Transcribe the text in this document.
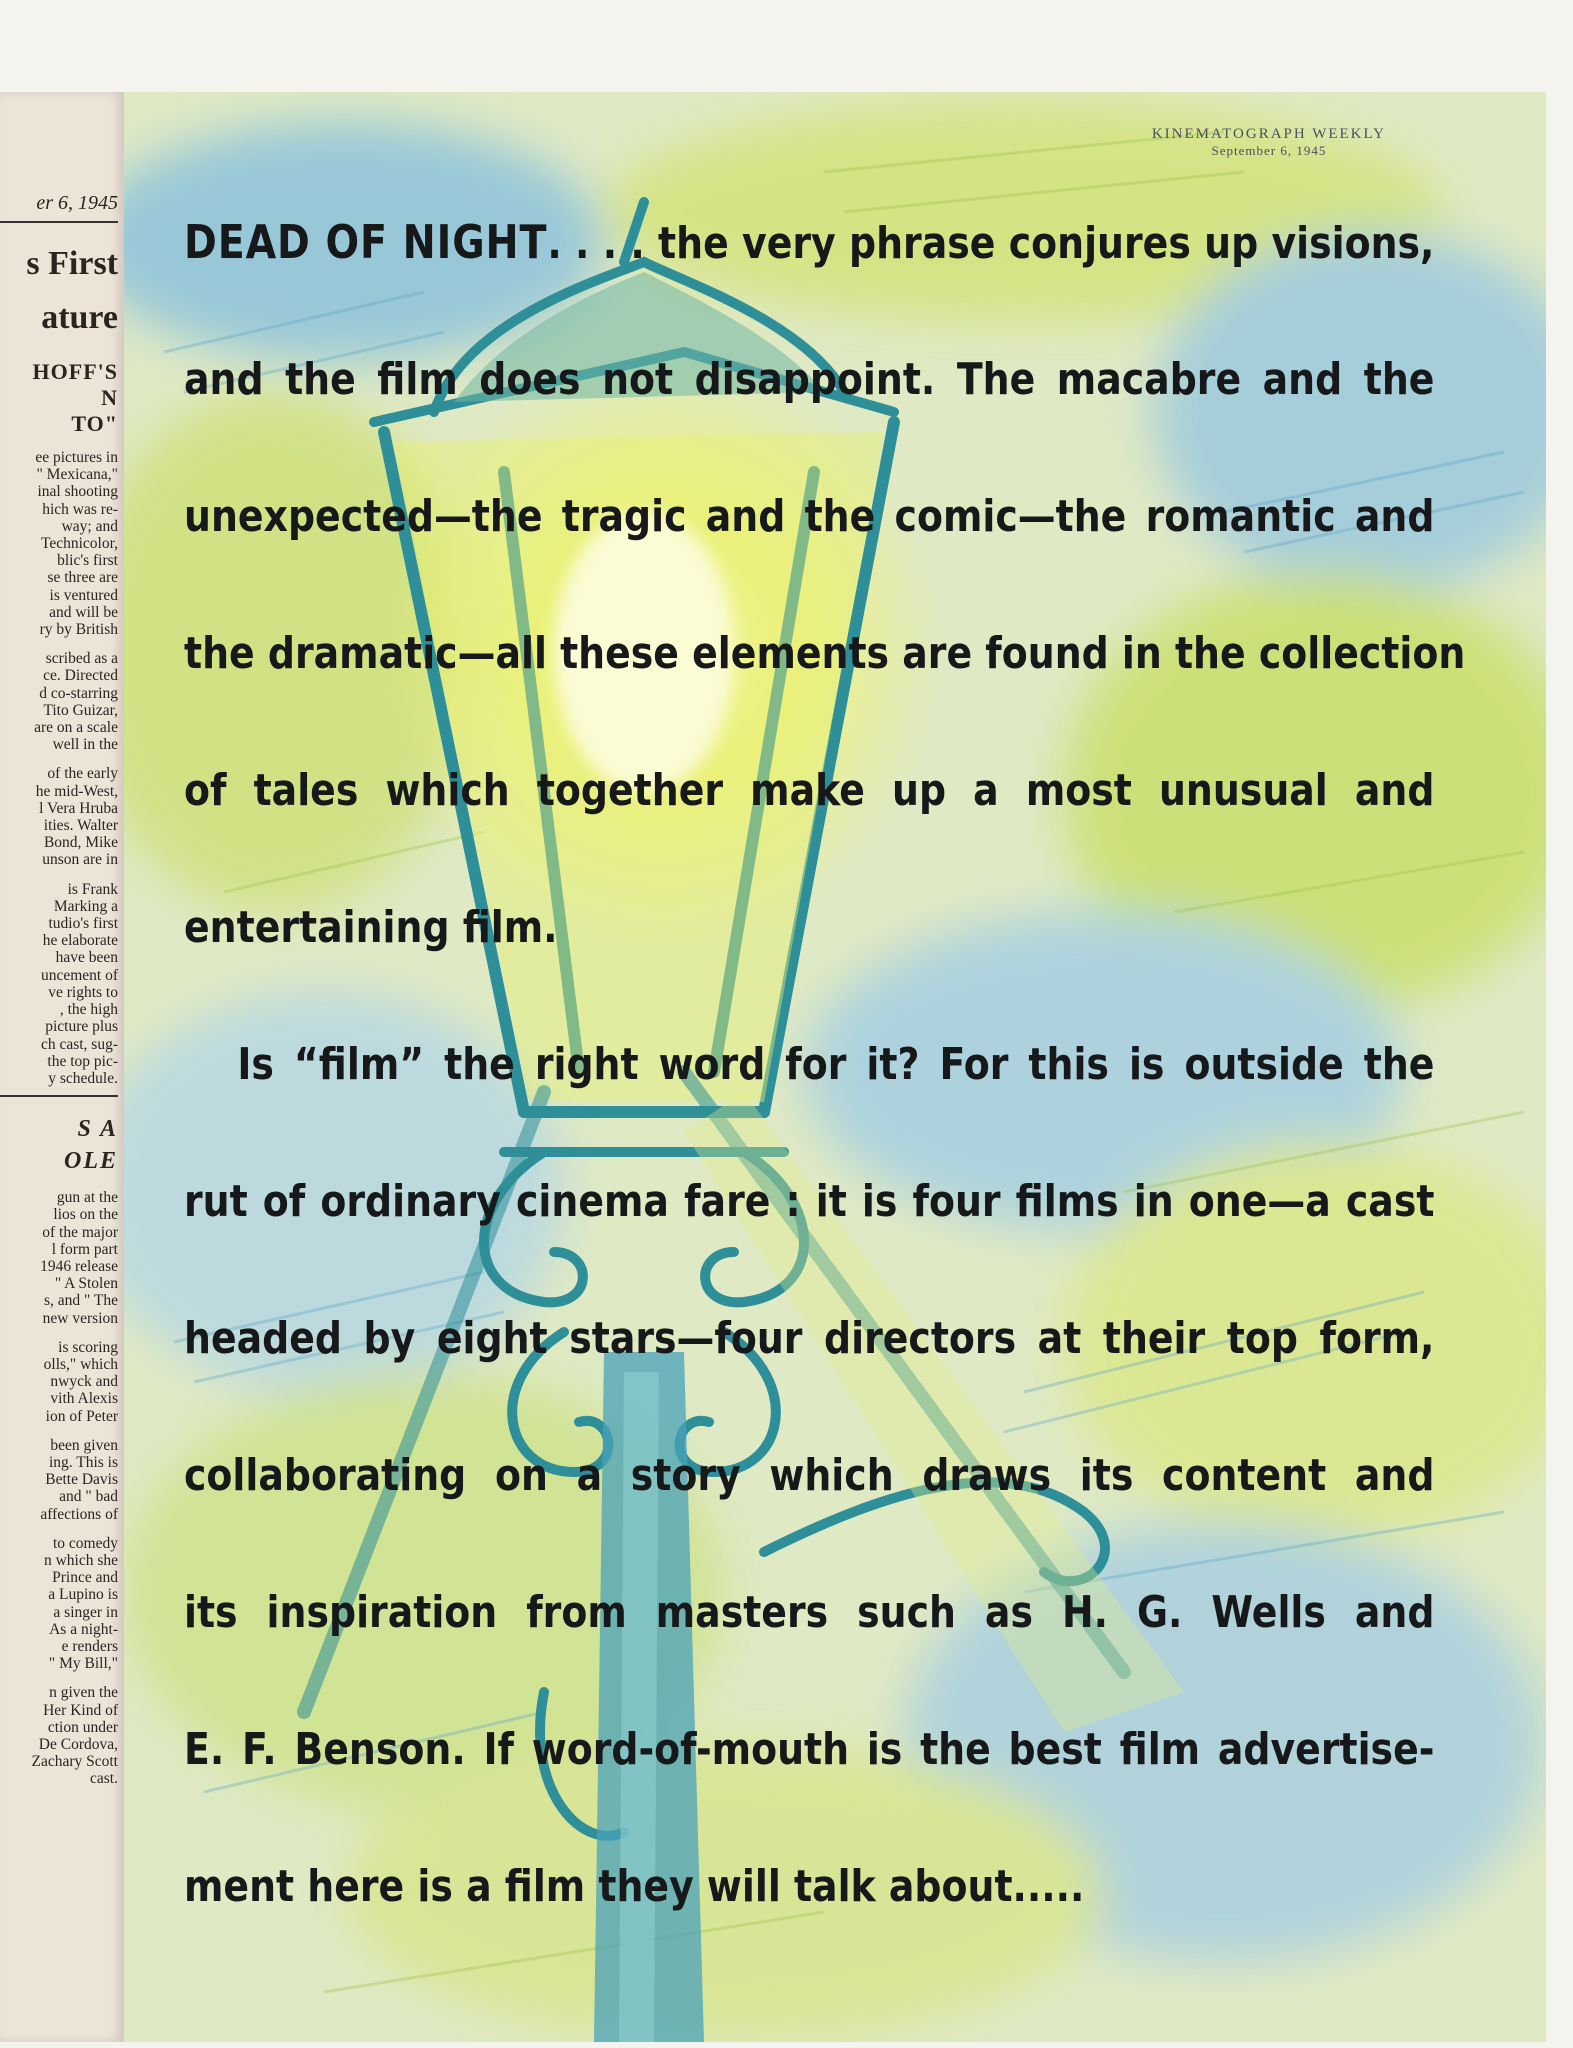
er 6, 1945
s First
ature
HOFF'S
N
TO"
ee pictures in
" Mexicana,"
inal shooting
hich was re-
way; and
Technicolor,
blic's first
se three are
is ventured
and will be
ry by British
scribed as a
ce. Directed
d co-starring
Tito Guizar,
are on a scale
well in the
of the early
he mid-West,
l Vera Hruba
ities. Walter
Bond, Mike
unson are in
is Frank
Marking a
tudio's first
he elaborate
have been
uncement of
ve rights to
, the high
picture plus
ch cast, sug-
the top pic-
y schedule.
S A
OLE
gun at the
lios on the
of the major
l form part
1946 release
" A Stolen
s, and " The
new version
is scoring
olls," which
nwyck and
vith Alexis
ion of Peter
been given
ing. This is
Bette Davis
and " bad
affections of
to comedy
n which she
Prince and
a Lupino is
a singer in
As a night-
e renders
" My Bill,"
n given the
Her Kind of
ction under
De Cordova,
Zachary Scott
cast.
KINEMATOGRAPH WEEKLY
September 6, 1945
DEAD OF NIGHT. . . . the very phrase conjures up visions,
and the film does not disappoint. The macabre and the
unexpected—the tragic and the comic—the romantic and
the dramatic—all these elements are found in the collection
of tales which together make up a most unusual and
entertaining film.
Is “film” the right word for it? For this is outside the
rut of ordinary cinema fare : it is four films in one—a cast
headed by eight stars—four directors at their top form,
collaborating on a story which draws its content and
its inspiration from masters such as H. G. Wells and
E. F. Benson. If word-of-mouth is the best film advertise-
ment here is a film they will talk about.....
